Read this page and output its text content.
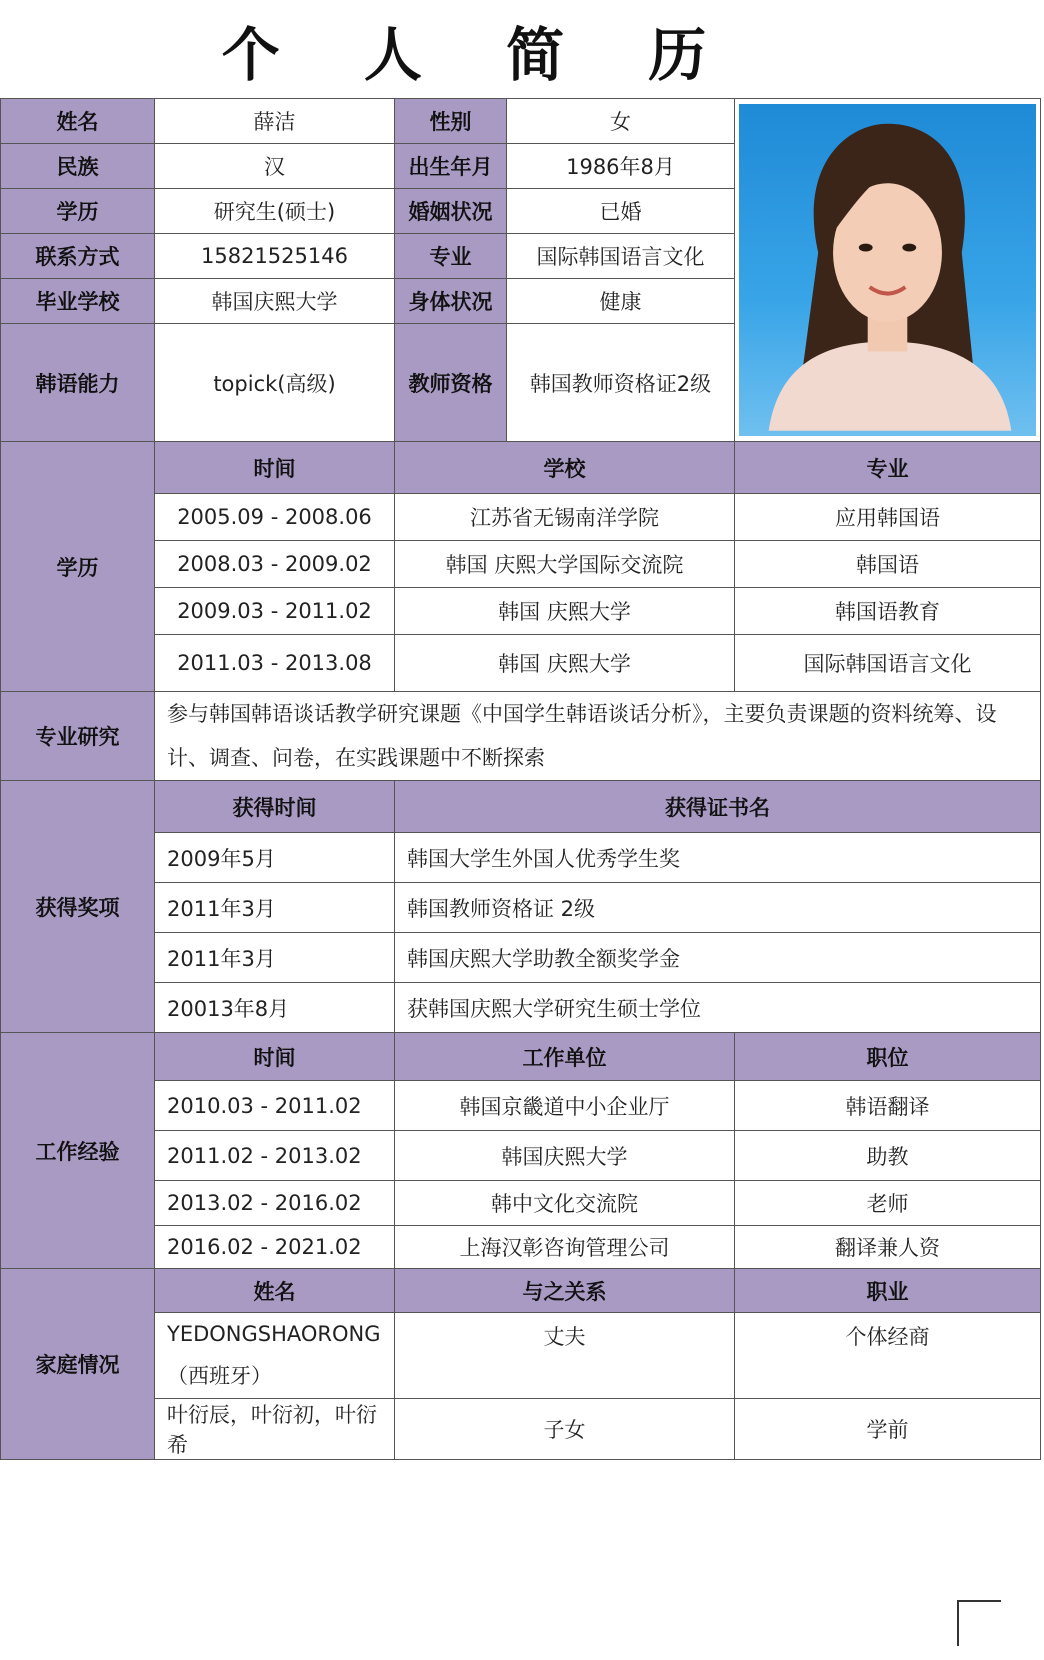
个 人 简 历
姓名	薛洁	性别	女	

民族	汉	出生年月	1986年8月	
学历	研究生(硕士)	婚姻状况	已婚	
联系方式	15821525146	专业	国际韩国语言文化	
毕业学校	韩国庆熙大学	身体状况	健康	
韩语能力	topick(高级)	教师资格	韩国教师资格证2级	
学历	时间	学校		专业
	2005.09 - 2008.06	江苏省无锡南洋学院		应用韩国语
	2008.03 - 2009.02	韩国 庆熙大学国际交流院		韩国语
	2009.03 - 2011.02	韩国 庆熙大学		韩国语教育
	2011.03 - 2013.08	韩国 庆熙大学		国际韩国语言文化
专业研究	参与韩国韩语谈话教学研究课题《中国学生韩语谈话分析》，主要负责课题的资料统筹、设计、调查、问卷，在实践课题中不断探索			
获得奖项	获得时间	获得证书名		
	2009年5月	韩国大学生外国人优秀学生奖		
	2011年3月	韩国教师资格证 2级		
	2011年3月	韩国庆熙大学助教全额奖学金		
	20013年8月	获韩国庆熙大学研究生硕士学位		
工作经验	时间	工作单位		职位
	2010.03 - 2011.02	韩国京畿道中小企业厅		韩语翻译
	2011.02 - 2013.02	韩国庆熙大学		助教
	2013.02 - 2016.02	韩中文化交流院		老师
	2016.02 - 2021.02	上海汉彰咨询管理公司		翻译兼人资
家庭情况	姓名	与之关系		职业
	YEDONGSHAORONG（西班牙）	丈夫		个体经商
	叶衍辰，叶衍初，叶衍希	子女		学前
